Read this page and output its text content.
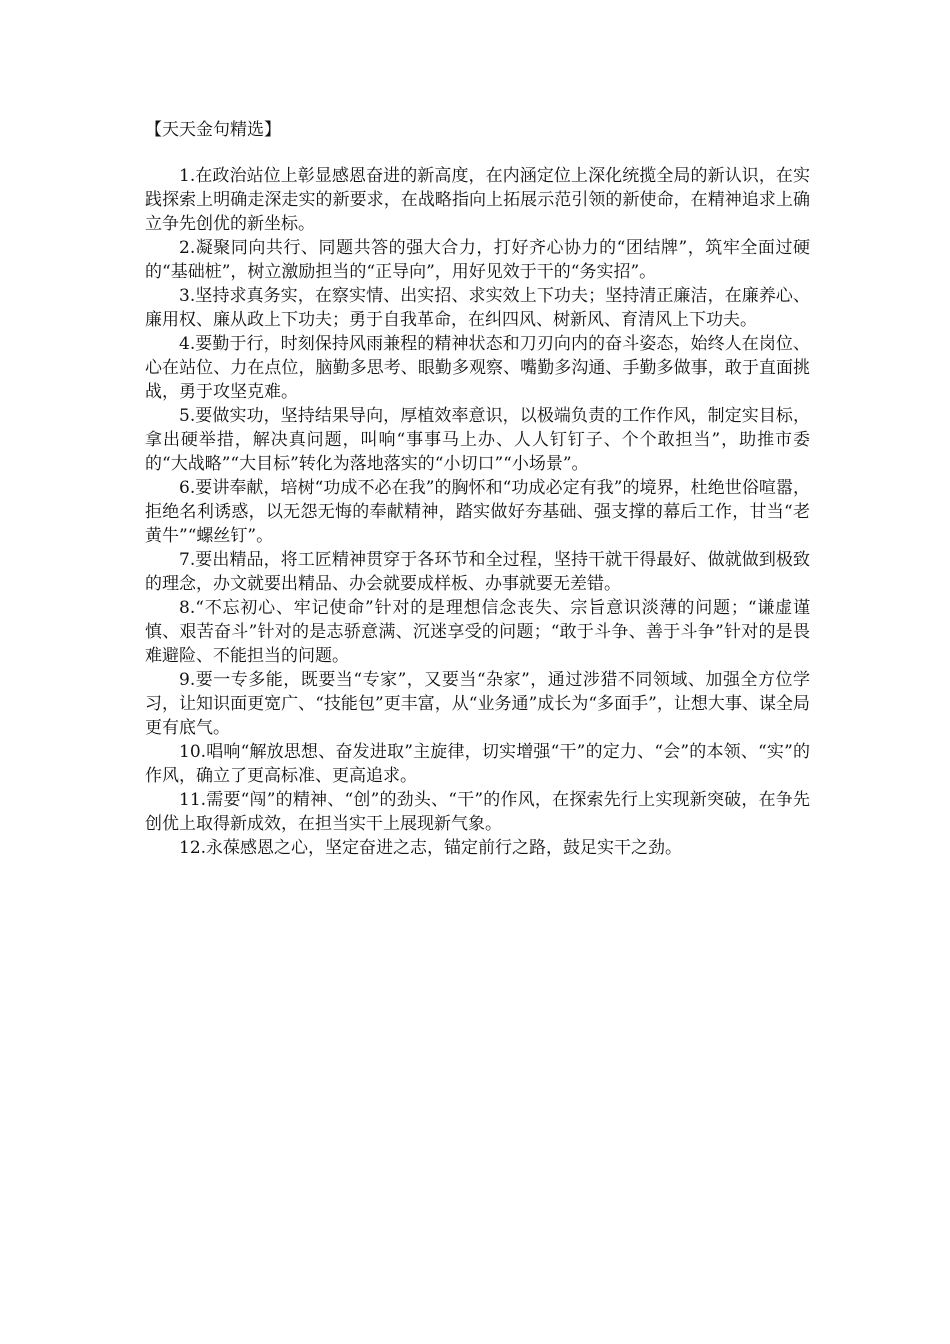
【天天金句精选】

1.在政治站位上彰显感恩奋进的新高度，在内涵定位上深化统揽全局的新认识，在实践探索上明确走深走实的新要求，在战略指向上拓展示范引领的新使命，在精神追求上确立争先创优的新坐标。

2.凝聚同向共行、同题共答的强大合力，打好齐心协力的“团结牌”，筑牢全面过硬的“基础桩”，树立激励担当的“正导向”，用好见效于干的“务实招”。

3.坚持求真务实，在察实情、出实招、求实效上下功夫；坚持清正廉洁，在廉养心、廉用权、廉从政上下功夫；勇于自我革命，在纠四风、树新风、育清风上下功夫。

4.要勤于行，时刻保持风雨兼程的精神状态和刀刃向内的奋斗姿态，始终人在岗位、心在站位、力在点位，脑勤多思考、眼勤多观察、嘴勤多沟通、手勤多做事，敢于直面挑战，勇于攻坚克难。

5.要做实功，坚持结果导向，厚植效率意识，以极端负责的工作作风，制定实目标，拿出硬举措，解决真问题，叫响“事事马上办、人人钉钉子、个个敢担当”，助推市委的“大战略”“大目标”转化为落地落实的“小切口”“小场景”。

6.要讲奉献，培树“功成不必在我”的胸怀和“功成必定有我”的境界，杜绝世俗喧嚣，拒绝名利诱惑，以无怨无悔的奉献精神，踏实做好夯基础、强支撑的幕后工作，甘当“老黄牛”“螺丝钉”。

7.要出精品，将工匠精神贯穿于各环节和全过程，坚持干就干得最好、做就做到极致的理念，办文就要出精品、办会就要成样板、办事就要无差错。

8.“不忘初心、牢记使命”针对的是理想信念丧失、宗旨意识淡薄的问题；“谦虚谨慎、艰苦奋斗”针对的是志骄意满、沉迷享受的问题；“敢于斗争、善于斗争”针对的是畏难避险、不能担当的问题。

9.要一专多能，既要当“专家”，又要当“杂家”，通过涉猎不同领域、加强全方位学习，让知识面更宽广、“技能包”更丰富，从“业务通”成长为“多面手”，让想大事、谋全局更有底气。

10.唱响“解放思想、奋发进取”主旋律，切实增强“干”的定力、“会”的本领、“实”的作风，确立了更高标准、更高追求。

11.需要“闯”的精神、“创”的劲头、“干”的作风，在探索先行上实现新突破，在争先创优上取得新成效，在担当实干上展现新气象。

12.永葆感恩之心，坚定奋进之志，锚定前行之路，鼓足实干之劲。
